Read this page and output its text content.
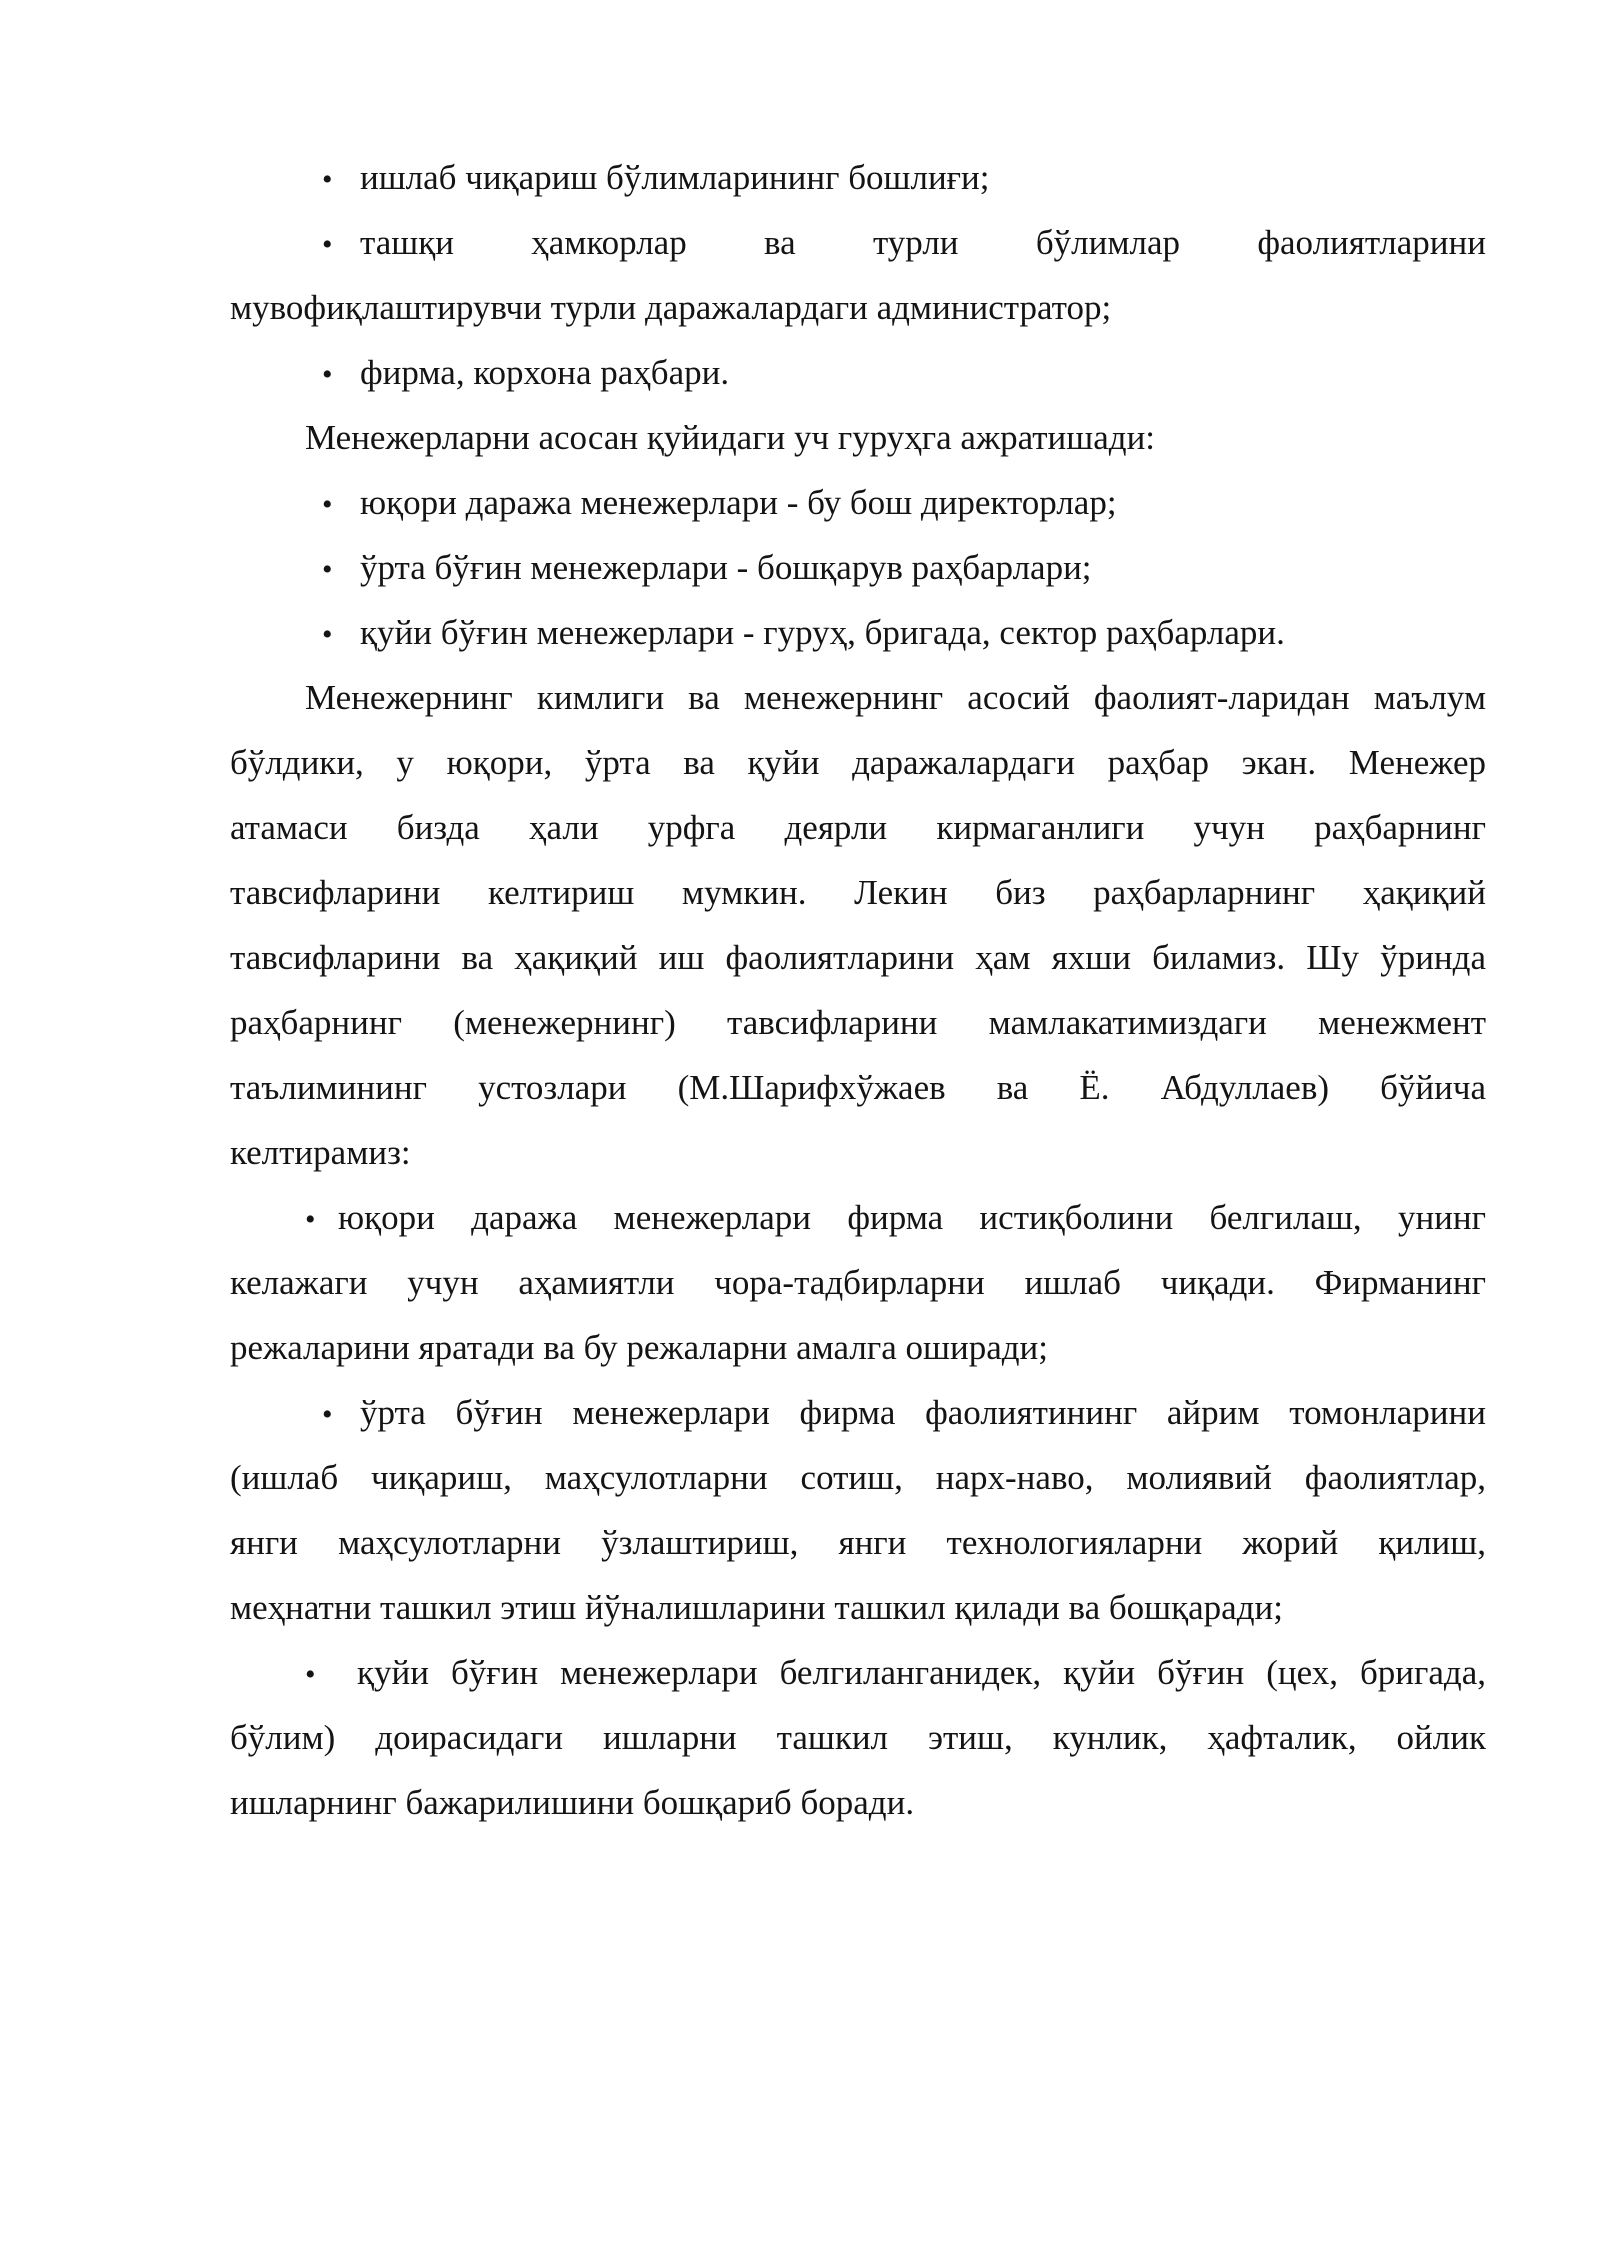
• ишлаб чиқариш бўлимларининг бошлиғи;
• ташқи ҳамкорлар ва турли бўлимлар фаолиятларини
мувофиқлаштирувчи турли даражалардаги администратор;
• фирма, корхона раҳбари.
Менежерларни асосан қуйидаги уч гуруҳга ажратишади:
• юқори даража менежерлари - бу бош директорлар;
• ўрта бўғин менежерлари - бошқарув раҳбарлари;
• қуйи бўғин менежерлари - гуруҳ, бригада, сектор раҳбарлари.
Менежернинг кимлиги ва менежернинг асосий фаолият-ларидан маълум
бўлдики, у юқори, ўрта ва қуйи даражалардаги раҳбар экан. Менежер
атамаси бизда ҳали урфга деярли кирмаганлиги учун раҳбарнинг
тавсифларини келтириш мумкин. Лекин биз раҳбарларнинг ҳақиқий
тавсифларини ва ҳақиқий иш фаолиятларини ҳам яхши биламиз. Шу ўринда
раҳбарнинг (менежернинг) тавсифларини мамлакатимиздаги менежмент
таълимининг устозлари (М.Шарифхўжаев ва Ё. Абдуллаев) бўйича
келтирамиз:
• юқори даража менежерлари фирма истиқболини белгилаш, унинг
келажаги учун аҳамиятли чора-тадбирларни ишлаб чиқади. Фирманинг
режаларини яратади ва бу режаларни амалга оширади;
• ўрта бўғин менежерлари фирма фаолиятининг айрим томонларини
(ишлаб чиқариш, маҳсулотларни сотиш, нарх-наво, молиявий фаолиятлар,
янги маҳсулотларни ўзлаштириш, янги технологияларни жорий қилиш,
меҳнатни ташкил этиш йўналишларини ташкил қилади ва бошқаради;
• қуйи бўғин менежерлари белгиланганидек, қуйи бўғин (цех, бригада,
бўлим) доирасидаги ишларни ташкил этиш, кунлик, ҳафталик, ойлик
ишларнинг бажарилишини бошқариб боради.
